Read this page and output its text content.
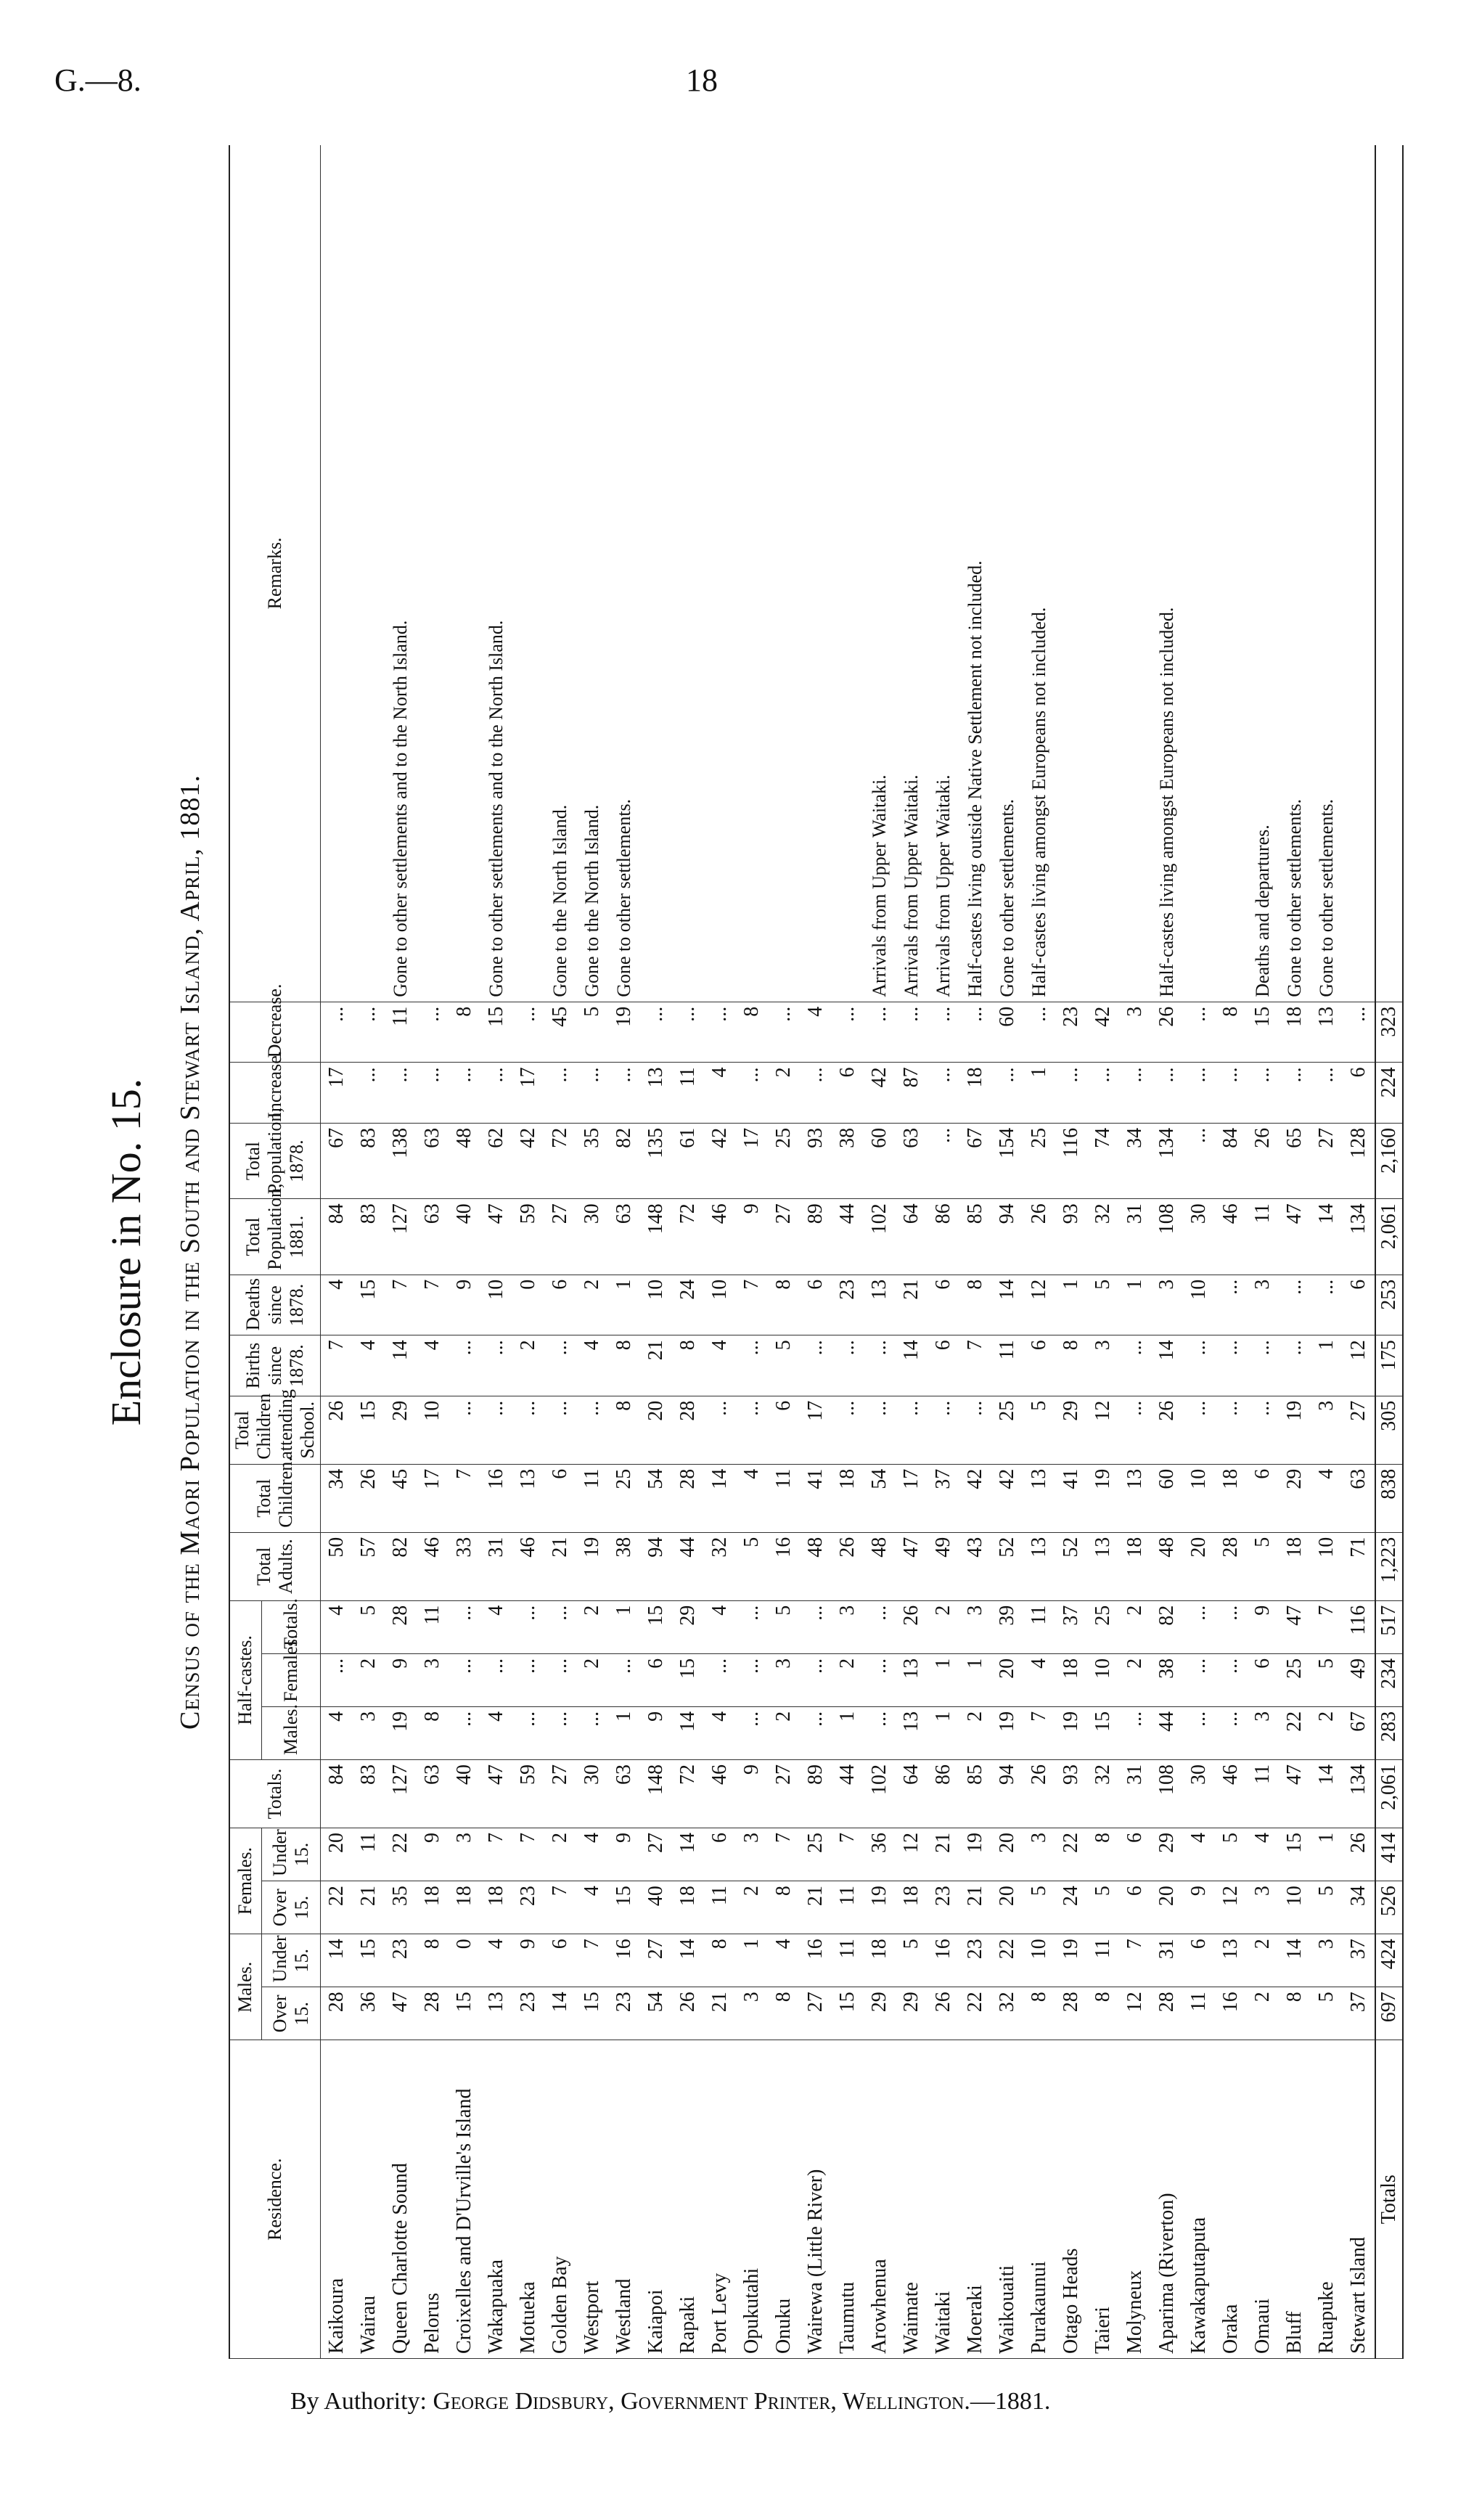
G.—8.	18
Enclosure in No. 15. Census of the Maori Population in the South and Stewart Island, April, 1881.
Residence.	Males.		Females.		Totals.	Half-castes.			Total Adults.	Total Children.	Total Children attending School.	Births since 1878.	Deaths since 1878.	Total Population, 1881.	Total Population, 1878.	Increase.	Decrease.	Remarks.
	Over 15.	Under 15.	Over 15.	Under 15.		Males.	Females.	Totals.										
Kaikoura	28	14	22	20	84	4	...	4	50	34	26	7	4	84	67	17	...	
Wairau	36	15	21	11	83	3	2	5	57	26	15	4	15	83	83	...	...	
Queen Charlotte Sound	47	23	35	22	127	19	9	28	82	45	29	14	7	127	138	...	11	Gone to other settlements and to the North Island.
Pelorus	28	8	18	9	63	8	3	11	46	17	10	4	7	63	63	...	...	
Croixelles and D'Urville's Island	15	0	18	3	40	...	...	...	33	7	...	...	9	40	48	...	8	
Wakapuaka	13	4	18	7	47	4	...	4	31	16	...	...	10	47	62	...	15	Gone to other settlements and to the North Island.
Motueka	23	9	23	7	59	...	...	...	46	13	...	2	0	59	42	17	...	
Golden Bay	14	6	7	2	27	...	...	...	21	6	...	...	6	27	72	...	45	Gone to the North Island.
Westport	15	7	4	4	30	...	2	2	19	11	...	4	2	30	35	...	5	Gone to the North Island.
Westland	23	16	15	9	63	1	...	1	38	25	8	8	1	63	82	...	19	Gone to other settlements.
Kaiapoi	54	27	40	27	148	9	6	15	94	54	20	21	10	148	135	13	...	
Rapaki	26	14	18	14	72	14	15	29	44	28	28	8	24	72	61	11	...	
Port Levy	21	8	11	6	46	4	...	4	32	14	...	4	10	46	42	4	...	
Opukutahi	3	1	2	3	9	...	...	...	5	4	...	...	7	9	17	...	8	
Onuku	8	4	8	7	27	2	3	5	16	11	6	5	8	27	25	2	...	
Wairewa (Little River)	27	16	21	25	89	...	...	...	48	41	17	...	6	89	93	...	4	
Taumutu	15	11	11	7	44	1	2	3	26	18	...	...	23	44	38	6	...	
Arowhenua	29	18	19	36	102	...	...	...	48	54	...	...	13	102	60	42	...	Arrivals from Upper Waitaki.
Waimate	29	5	18	12	64	13	13	26	47	17	...	14	21	64	63	87	...	Arrivals from Upper Waitaki.
Waitaki	26	16	23	21	86	1	1	2	49	37	...	6	6	86	...	...	...	Arrivals from Upper Waitaki.
Moeraki	22	23	21	19	85	2	1	3	43	42	...	7	8	85	67	18	...	Half-castes living outside Native Settlement not included.
Waikouaiti	32	22	20	20	94	19	20	39	52	42	25	11	14	94	154	...	60	Gone to other settlements.
Purakaunui	8	10	5	3	26	7	4	11	13	13	5	6	12	26	25	1	...	Half-castes living amongst Europeans not included.
Otago Heads	28	19	24	22	93	19	18	37	52	41	29	8	1	93	116	...	23	
Taieri	8	11	5	8	32	15	10	25	13	19	12	3	5	32	74	...	42	
Molyneux	12	7	6	6	31	...	2	2	18	13	...	...	1	31	34	...	3	
Aparima (Riverton)	28	31	20	29	108	44	38	82	48	60	26	14	3	108	134	...	26	Half-castes living amongst Europeans not included.
Kawakaputaputa	11	6	9	4	30	...	...	...	20	10	...	...	10	30	...	...	...	
Oraka	16	13	12	5	46	...	...	...	28	18	...	...	...	46	84	...	8	
Omaui	2	2	3	4	11	3	6	9	5	6	...	...	3	11	26	...	15	Deaths and departures.
Bluff	8	14	10	15	47	22	25	47	18	29	19	...	...	47	65	...	18	Gone to other settlements.
Ruapuke	5	3	5	1	14	2	5	7	10	4	3	1	...	14	27	...	13	Gone to other settlements.
Stewart Island	37	37	34	26	134	67	49	116	71	63	27	12	6	134	128	6	...	
Totals	697	424	526	414	2,061	283	234	517	1,223	838	305	175	253	2,061	2,160	224	323	
By Authority: George Didsbury, Government Printer, Wellington.—1881.
